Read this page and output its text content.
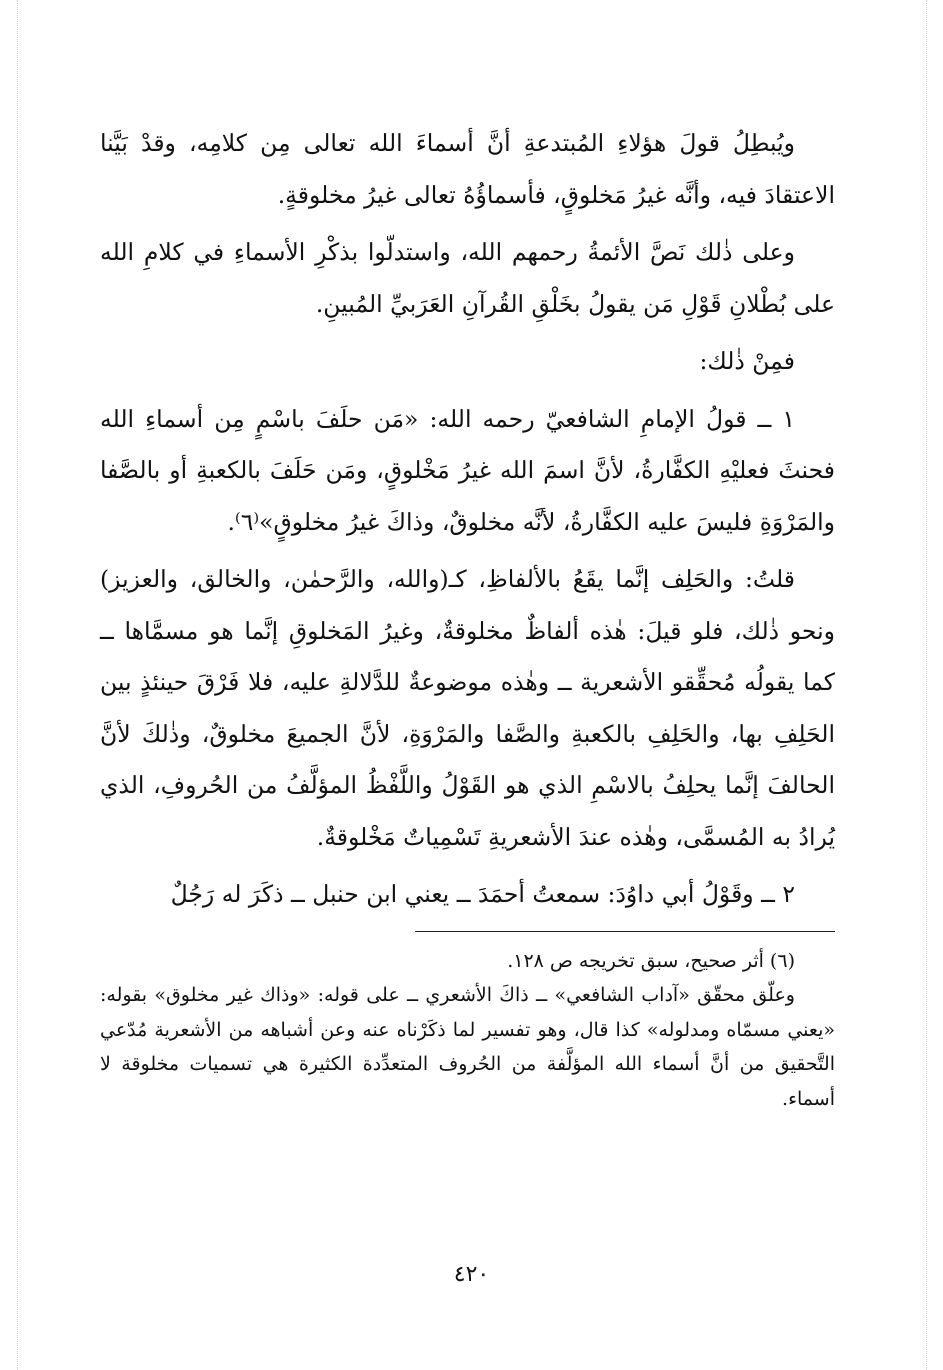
ويُبطِلُ قولَ هؤلاءِ المُبتدعةِ أنَّ أسماءَ الله تعالى مِن كلامِه، وقدْ بَيَّنا الاعتقادَ فيه، وأنَّه غيرُ مَخلوقٍ، فأسماؤُهُ تعالى غيرُ مخلوقةٍ.

وعلى ذٰلك نَصَّ الأئمةُ رحمهم الله، واستدلّوا بذكْرِ الأسماءِ في كلامِ الله على بُطْلانِ قَوْلِ مَن يقولُ بخَلْقِ القُرآنِ العَرَبيِّ المُبينِ.

فمِنْ ذٰلك:

١ ــ قولُ الإمامِ الشافعيّ رحمه الله: «مَن حلَفَ باسْمٍ مِن أسماءِ الله فحنثَ فعليْهِ الكفَّارةُ، لأنَّ اسمَ الله غيرُ مَخْلوقٍ، ومَن حَلَفَ بالكعبةِ أو بالصَّفا والمَرْوَةِ فليسَ عليه الكفَّارةُ، لأنَّه مخلوقٌ، وذاكَ غيرُ مخلوقٍ»⁽٦⁾.

قلتُ: والحَلِف إنَّما يقَعُ بالألفاظِ، كـ(والله، والرَّحمٰن، والخالق، والعزيز) ونحو ذٰلك، فلو قيلَ: هٰذه ألفاظٌ مخلوقةٌ، وغيرُ المَخلوقِ إنَّما هو مسمَّاها ــ كما يقولُه مُحقِّقو الأشعرية ــ وهٰذه موضوعةٌ للدَّلالةِ عليه، فلا فَرْقَ حينئذٍ بين الحَلِفِ بها، والحَلِفِ بالكعبةِ والصَّفا والمَرْوَةِ، لأنَّ الجميعَ مخلوقٌ، وذٰلكَ لأنَّ الحالفَ إنَّما يحلِفُ بالاسْمِ الذي هو القَوْلُ واللَّفْظُ المؤلَّفُ من الحُروفِ، الذي يُرادُ به المُسمَّى، وهٰذه عندَ الأشعريةِ تَسْمِياتٌ مَخْلوقةٌ.

٢ ــ وقَوْلُ أبي داوُدَ: سمعتُ أحمَدَ ــ يعني ابن حنبل ــ ذكَرَ له رَجُلٌ

(٦) أثر صحيح، سبق تخريجه ص ١٢٨.

وعلّق محقّق «آداب الشافعي» ــ ذاكَ الأشعري ــ على قوله: «وذاك غير مخلوق» بقوله: «يعني مسمّاه ومدلوله» كذا قال، وهو تفسير لما ذكَرْناه عنه وعن أشباهه من الأشعرية مُدّعي التَّحقيق من أنَّ أسماء الله المؤلَّفة من الحُروف المتعدِّدة الكثيرة هي تسميات مخلوقة لا أسماء.

٤٢٠
